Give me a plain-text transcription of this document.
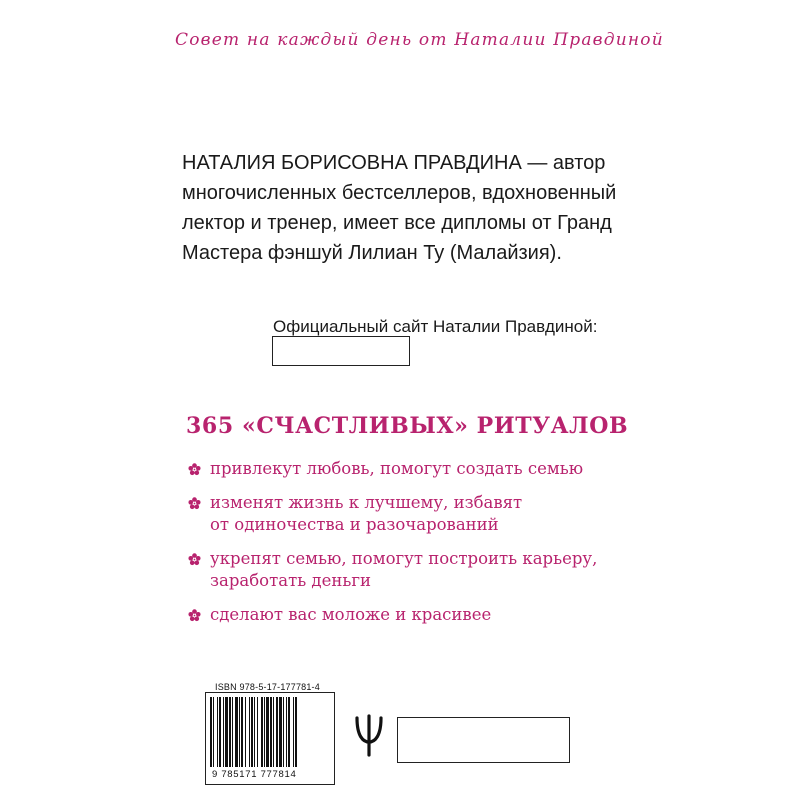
Совет на каждый день от Наталии Правдиной
НАТАЛИЯ БОРИСОВНА ПРАВДИНА — автор многочисленных бестселлеров, вдохновенный лектор и тренер, имеет все дипломы от Гранд Мастера фэншуй Лилиан Ту (Малайзия).
Официальный сайт Наталии Правдиной:
365 «СЧАСТЛИВЫХ» РИТУАЛОВ
привлекут любовь, помогут создать семью
изменят жизнь к лучшему, избавят
от одиночества и разочарований
укрепят семью, помогут построить карьеру,
заработать деньги
сделают вас моложе и красивее
ISBN 978-5-17-177781-4
9 785171 777814
